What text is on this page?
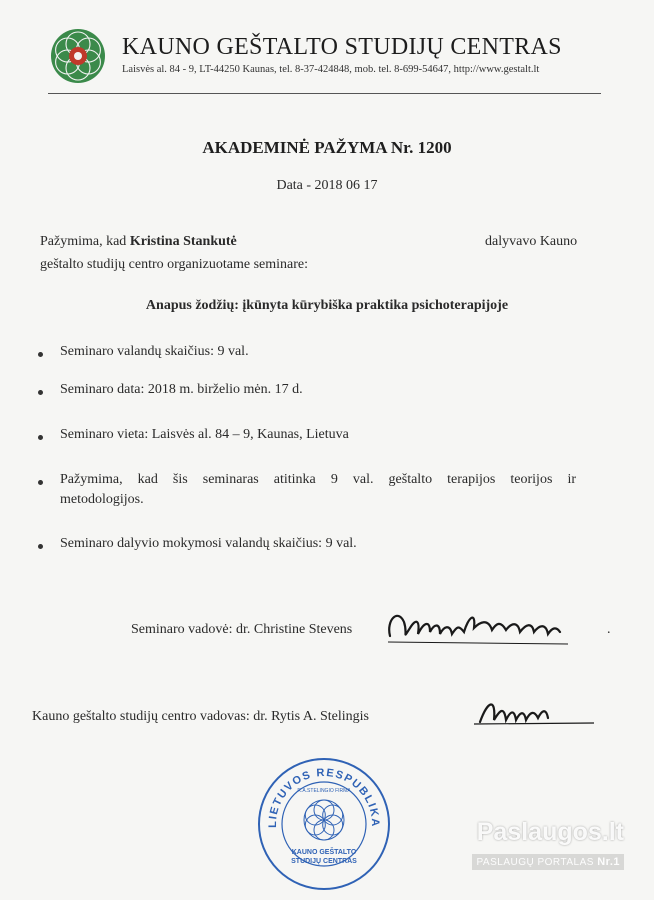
KAUNO GEŠTALTO STUDIJŲ CENTRAS
Laisvės al. 84 - 9, LT-44250 Kaunas, tel. 8-37-424848, mob. tel. 8-699-54647, http://www.gestalt.lt
AKADEMINĖ PAŽYMA Nr. 1200
Data - 2018 06 17
Pažymima, kad Kristina Stankutė	dalyvavo Kauno
geštalto studijų centro organizuotame seminare:
Anapus žodžių: įkūnyta kūrybiška praktika psichoterapijoje
Seminaro valandų skaičius: 9 val.
Seminaro data: 2018 m. birželio mėn. 17 d.
Seminaro vieta: Laisvės al. 84 – 9, Kaunas, Lietuva
Pažymima, kad šis seminaras atitinka 9 val. geštalto terapijos teorijos ir
metodologijos.
Seminaro dalyvio mokymosi valandų skaičius: 9 val.
Seminaro vadovė: dr. Christine Stevens	.
Kauno geštalto studijų centro vadovas: dr. Rytis A. Stelingis
LIETUVOS RESPUBLIKA
R.A.STELINGIO FIRMA
KAUNO GEŠTALTO
STUDIJŲ CENTRAS
Paslaugos.lt
PASLAUGŲ PORTALAS Nr.1
